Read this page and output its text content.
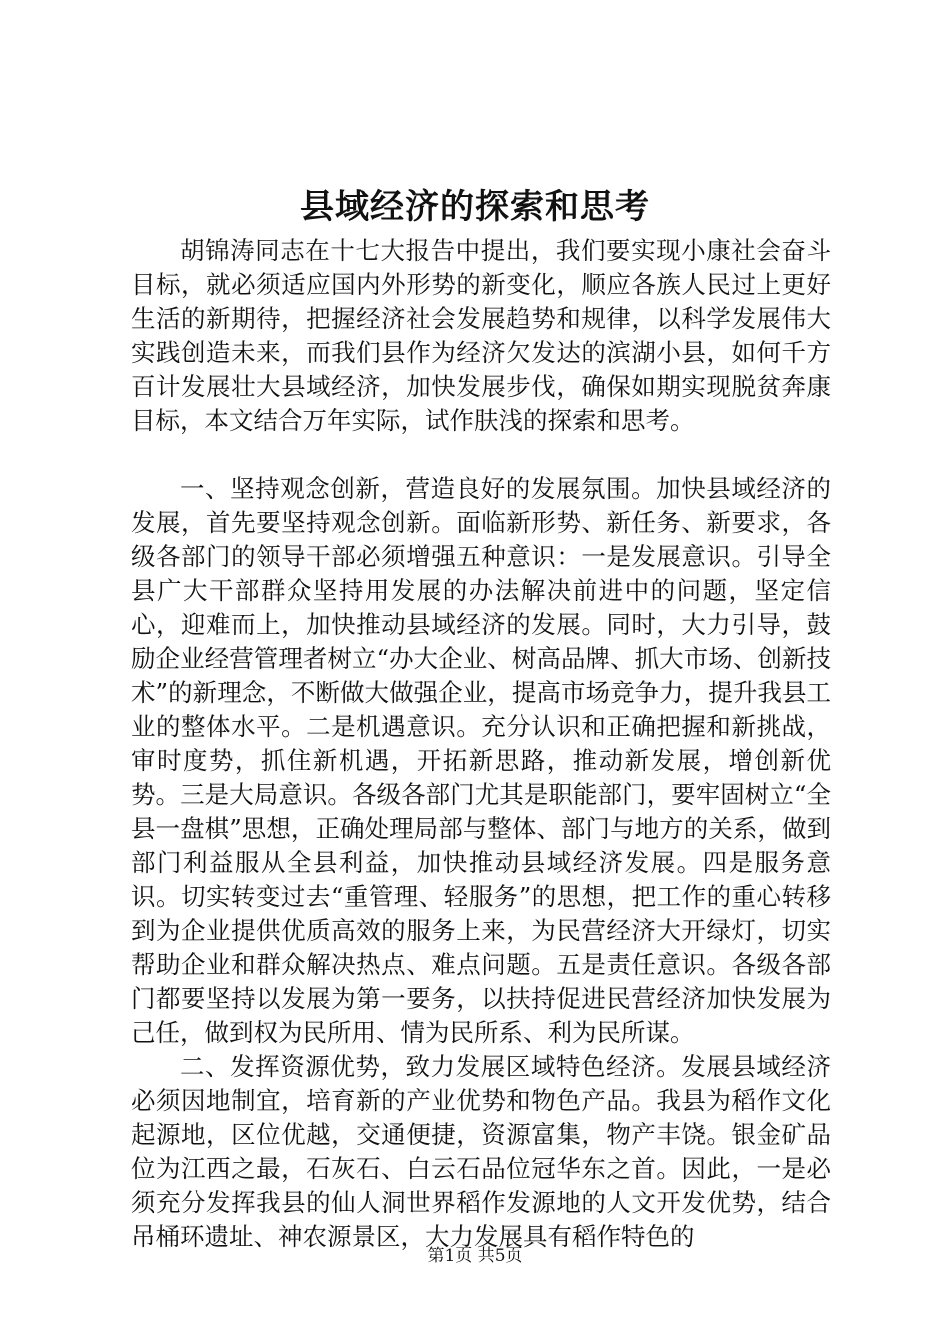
县域经济的探索和思考

胡锦涛同志在十七大报告中提出，我们要实现小康社会奋斗目标，就必须适应国内外形势的新变化，顺应各族人民过上更好生活的新期待，把握经济社会发展趋势和规律，以科学发展伟大实践创造未来，而我们县作为经济欠发达的滨湖小县，如何千方百计发展壮大县域经济，加快发展步伐，确保如期实现脱贫奔康目标，本文结合万年实际，试作肤浅的探索和思考。

一、坚持观念创新，营造良好的发展氛围。加快县域经济的发展，首先要坚持观念创新。面临新形势、新任务、新要求，各级各部门的领导干部必须增强五种意识：一是发展意识。引导全县广大干部群众坚持用发展的办法解决前进中的问题，坚定信心，迎难而上，加快推动县域经济的发展。同时，大力引导，鼓励企业经营管理者树立“办大企业、树高品牌、抓大市场、创新技术”的新理念，不断做大做强企业，提高市场竞争力，提升我县工业的整体水平。二是机遇意识。充分认识和正确把握和新挑战，审时度势，抓住新机遇，开拓新思路，推动新发展，增创新优势。三是大局意识。各级各部门尤其是职能部门，要牢固树立“全县一盘棋”思想，正确处理局部与整体、部门与地方的关系，做到部门利益服从全县利益，加快推动县域经济发展。四是服务意识。切实转变过去“重管理、轻服务”的思想，把工作的重心转移到为企业提供优质高效的服务上来，为民营经济大开绿灯，切实帮助企业和群众解决热点、难点问题。五是责任意识。各级各部门都要坚持以发展为第一要务，以扶持促进民营经济加快发展为己任，做到权为民所用、情为民所系、利为民所谋。

二、发挥资源优势，致力发展区域特色经济。发展县域经济必须因地制宜，培育新的产业优势和物色产品。我县为稻作文化起源地，区位优越，交通便捷，资源富集，物产丰饶。银金矿品位为江西之最，石灰石、白云石品位冠华东之首。因此，一是必须充分发挥我县的仙人洞世界稻作发源地的人文开发优势，结合吊桶环遗址、神农源景区，大力发展具有稻作特色的

第1页 共5页
